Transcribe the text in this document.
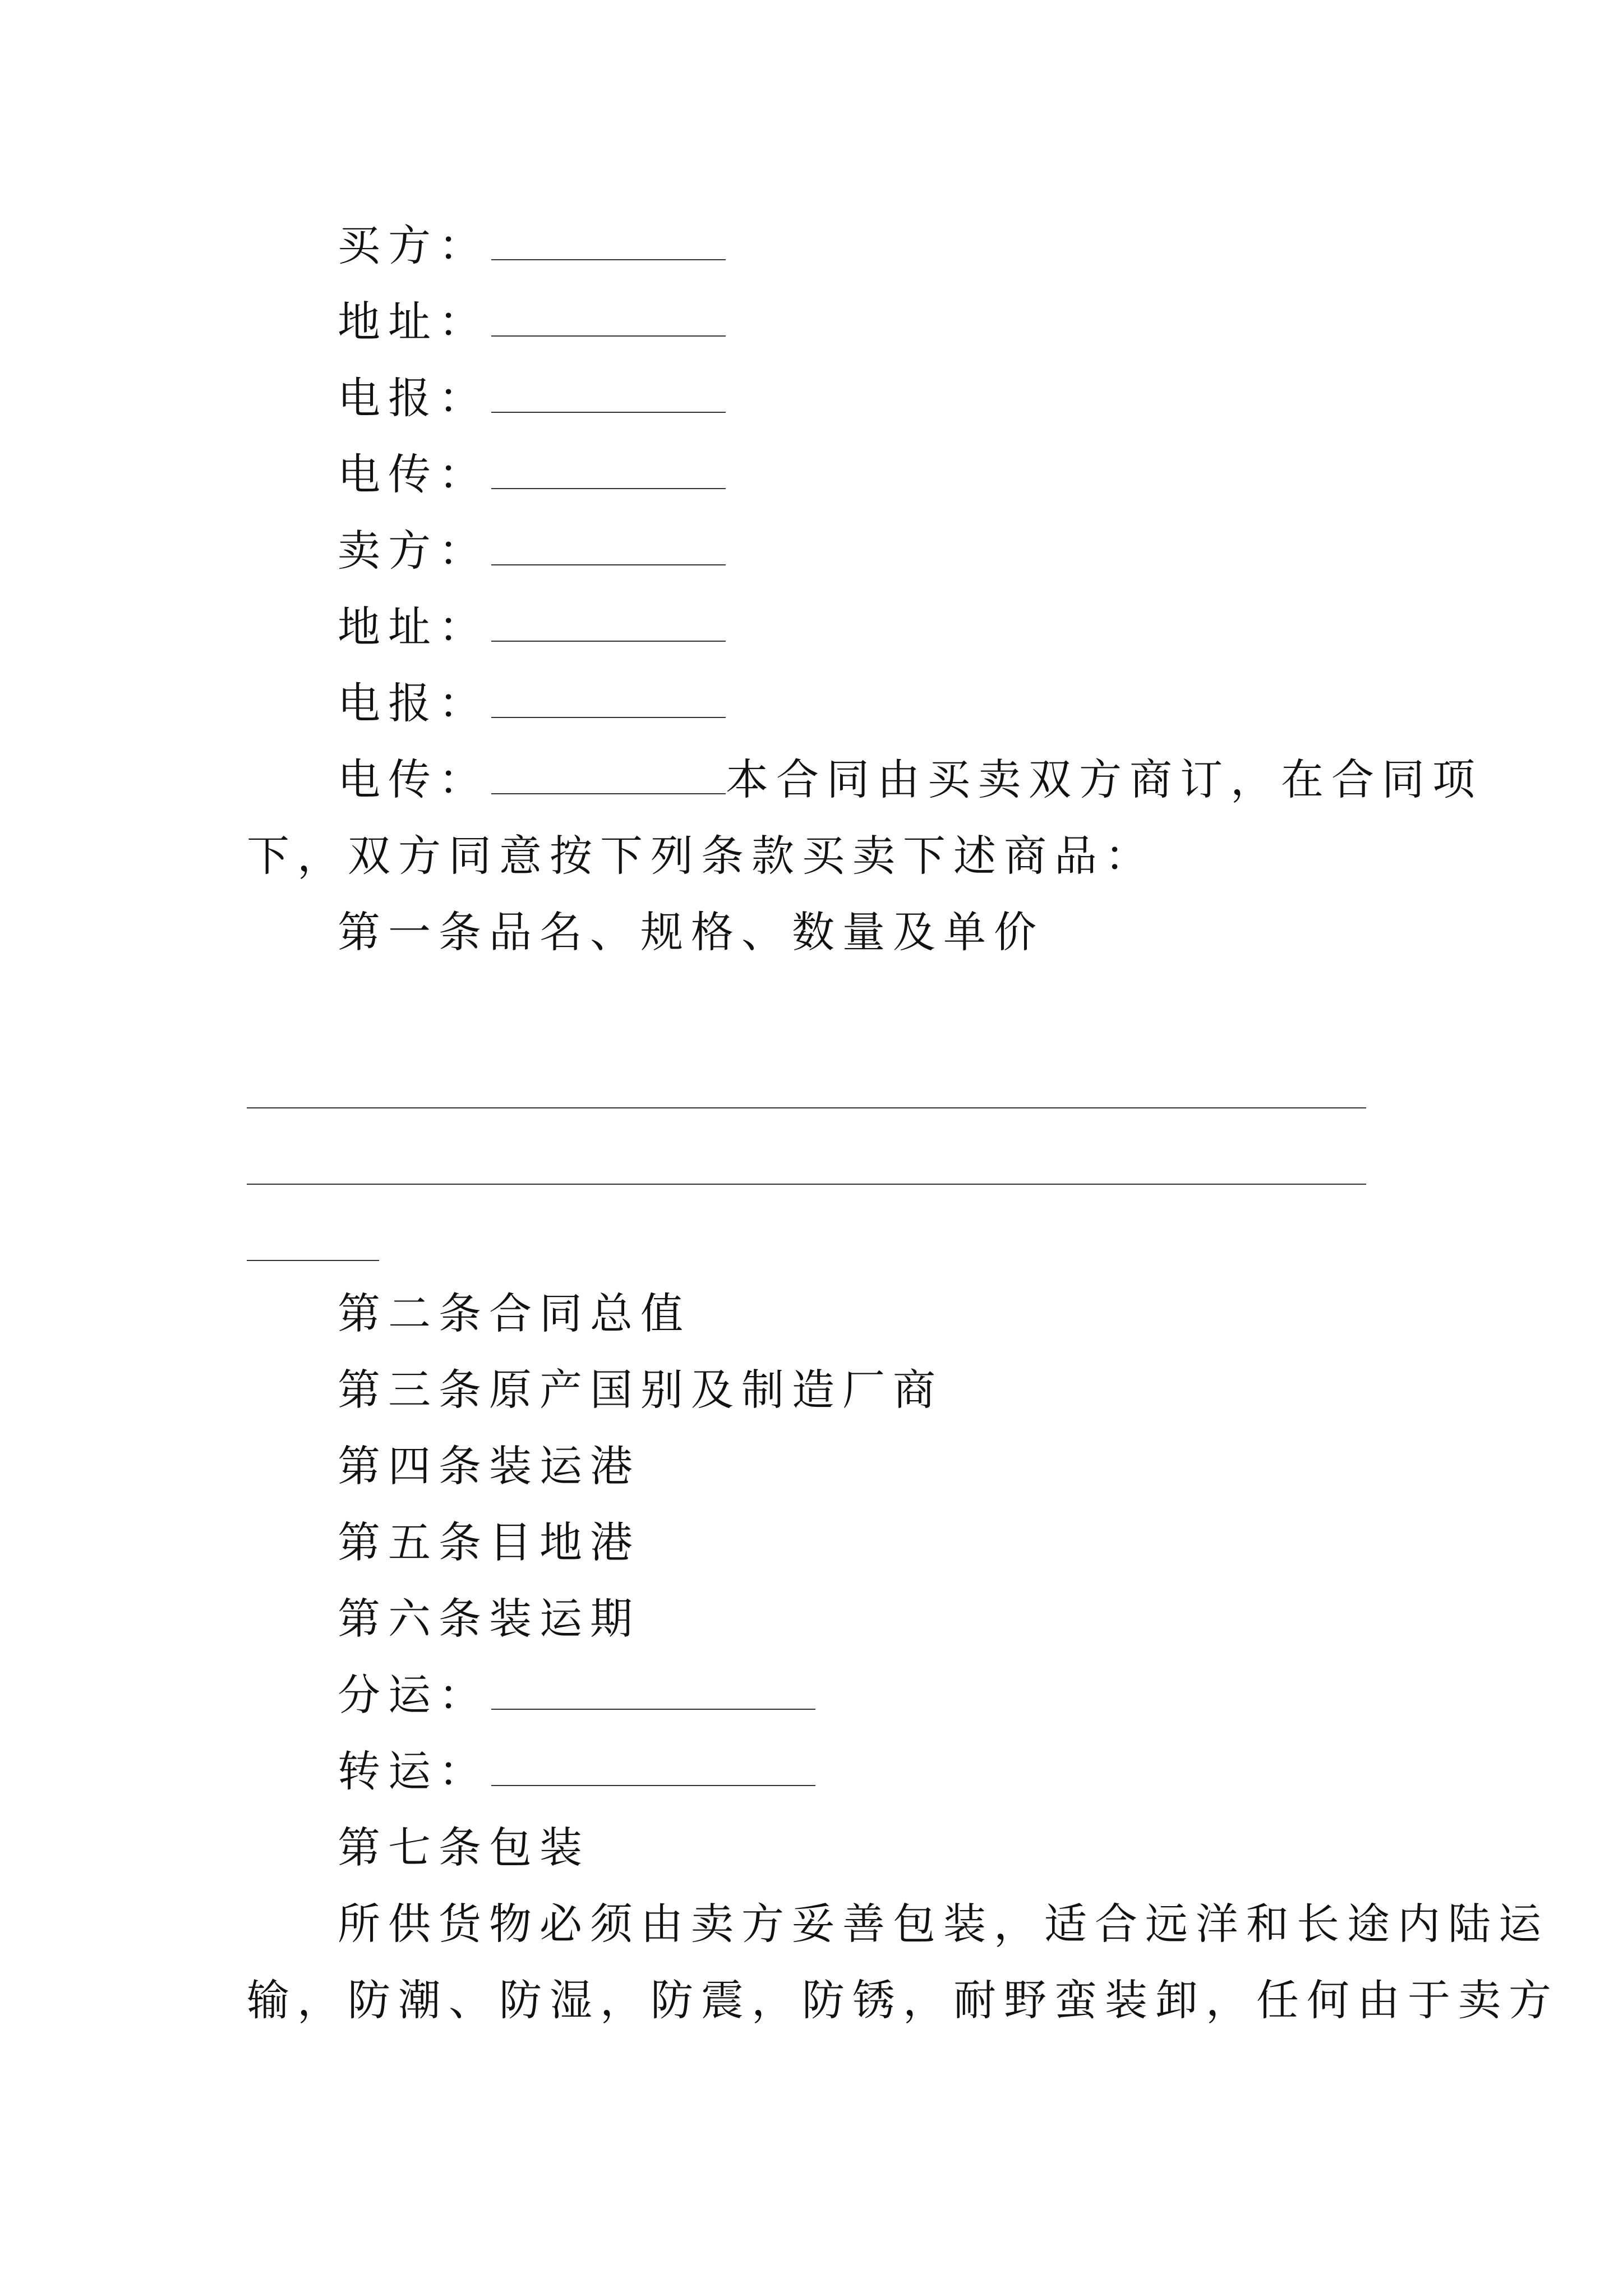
买方：
地址：
电报：
电传：
卖方：
地址：
电报：
电传：	本合同由买卖双方商订，在合同项
下，双方同意按下列条款买卖下述商品：
第一条品名、规格、数量及单价
第二条合同总值
第三条原产国别及制造厂商
第四条装运港
第五条目地港
第六条装运期
分运：
转运：
第七条包装
所供货物必须由卖方妥善包装，适合远洋和长途内陆运
输，防潮、防湿，防震，防锈，耐野蛮装卸，任何由于卖方
